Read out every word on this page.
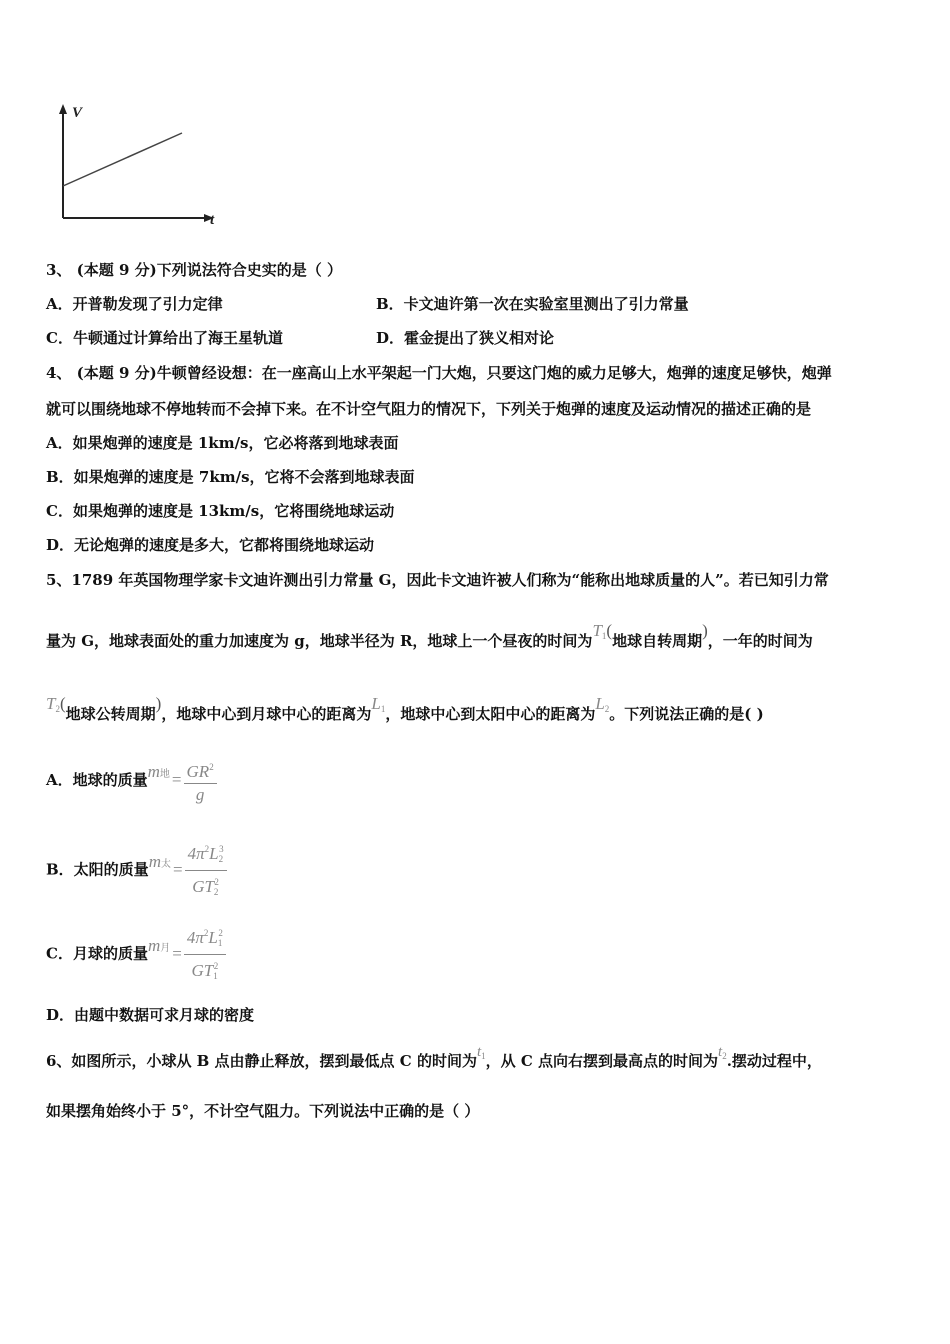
V
t
3、 (本题 9 分)下列说法符合史实的是（ ）
A．开普勒发现了引力定律	B．卡文迪许第一次在实验室里测出了引力常量
C．牛顿通过计算给出了海王星轨道	D．霍金提出了狭义相对论
4、 (本题 9 分)牛顿曾经设想：在一座高山上水平架起一门大炮，只要这门炮的威力足够大，炮弹的速度足够快，炮弹
就可以围绕地球不停地转而不会掉下来。在不计空气阻力的情况下，下列关于炮弹的速度及运动情况的描述正确的是
A．如果炮弹的速度是 1km/s，它必将落到地球表面
B．如果炮弹的速度是 7km/s，它将不会落到地球表面
C．如果炮弹的速度是 13km/s，它将围绕地球运动
D．无论炮弹的速度是多大，它都将围绕地球运动
5、1789 年英国物理学家卡文迪许测出引力常量 G，因此卡文迪许被人们称为“能称出地球质量的人”。若已知引力常
量为 G，地球表面处的重力加速度为 g，地球半径为 R，地球上一个昼夜的时间为$T_1$(地球自转周期)，一年的时间为
$T_2$(地球公转周期)，地球中心到月球中心的距离为$L_1$，地球中心到太阳中心的距离为$L_2$。下列说法正确的是( )
A．地球的质量m地 = $\frac{GR^2}{g}$
B．太阳的质量m太 = $\frac{4\pi^2L_2^3}{GT_2^2}$
C．月球的质量m月 = $\frac{4\pi^2L_1^2}{GT_1^2}$
D．由题中数据可求月球的密度
6、如图所示，小球从 B 点由静止释放，摆到最低点 C 的时间为$t_1$，从 C 点向右摆到最高点的时间为$t_2$.摆动过程中，
如果摆角始终小于 5°，不计空气阻力。下列说法中正确的是（ ）
